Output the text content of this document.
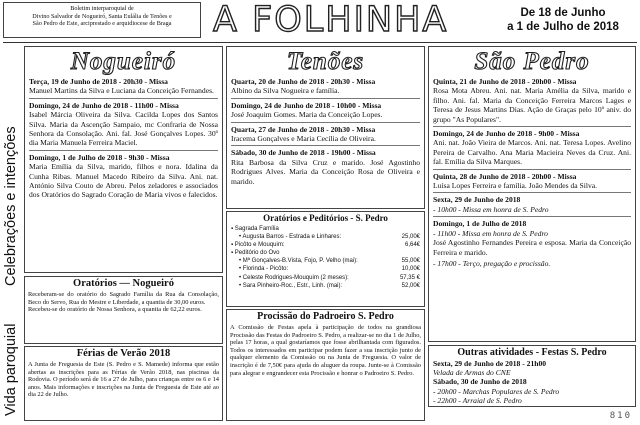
Boletim interparoquial de
Divino Salvador de Nogueiró, Santa Eulália de Tenões e
São Pedro de Este, arciprestado e arquidiocese de Braga	A FOLHINHA	De 18 de Junho
a 1 de Julho de 2018
Celebrações e intenções
Vida paroquial
Nogueiró
Terça, 19 de Junho de 2018 - 20h30 - Missa
Manuel Martins da Silva e Luciana da Conceição Fernandes.
Domingo, 24 de Junho de 2018 - 11h00 - Missa
Isabel Márcia Oliveira da Silva. Cacilda Lopes dos Santos Silva. Maria da Ascenção Sampaio, mc Confraria de Nossa Senhora da Consolação. Ani. fal. José Gonçalves Lopes. 30º dia Maria Manuela Ferreira Maciel.
Domingo, 1 de Julho de 2018 - 9h30 - Missa
Maria Emília da Silva, marido, filhos e nora. Idalina da Cunha Ribas. Manuel Macedo Ribeiro da Silva. Ani. nat. António Silva Couto de Abreu. Pelos zeladores e associados dos Oratórios do Sagrado Coração de Maria vivos e falecidos.
Tenões
Quarta, 20 de Junho de 2018 - 20h30 - Missa
Albino da Silva Nogueira e família.
Domingo, 24 de Junho de 2018 - 10h00 - Missa
José Joaquim Gomes. Maria da Conceição Lopes.
Quarta, 27 de Junho de 2018 - 20h30 - Missa
Iracema Gonçalves e Maria Cecília de Oliveira.
Sábado, 30 de Junho de 2018 - 19h00 - Missa
Rita Barbosa da Silva Cruz e marido. José Agostinho Rodrigues Alves. Maria da Conceição Rosa de Oliveira e marido.
São Pedro
Quinta, 21 de Junho de 2018 - 20h00 - Missa
Rosa Mota Abreu. Ani. nat. Maria Amélia da Silva, marido e filho. Ani. fal. Maria da Conceição Ferreira Marcos Lages e Teresa de Jesus Martins Dias. Ação de Graças pelo 10º aniv. do grupo "As Populares".
Domingo, 24 de Junho de 2018 - 9h00 - Missa
Ani. nat. João Vieira de Marcos. Ani. nat. Teresa Lopes. Avelino Pereira de Carvalho. Ana Maria Macieira Neves da Cruz. Ani. fal. Emília da Silva Marques.
Quinta, 28 de Junho de 2018 - 20h00 - Missa
Luísa Lopes Ferreira e família. João Mendes da Silva.
Sexta, 29 de Junho de 2018
- 10h00 - Missa em honra de S. Pedro
Domingo, 1 de Julho de 2018
- 11h00 - Missa em honra de S. Pedro
José Agostinho Fernandes Pereira e esposa. Maria da Conceição Ferreira e marido.
- 17h00 - Terço, pregação e procissão.
Oratórios e Peditórios - S. Pedro
▪ Sagrada Família
• Augusta Barros - Estrada e Linhares:	25,00€
▪ Picôto e Mouquim:	6,64€
▪ Peditório do Ovo
• Mª Gonçalves-B.Vista, Fojo, P. Velho (mai):	55,00€
• Florinda - Picôto:	10,00€
• Celeste Rodrigues-Mouquim (2 meses):	57,35 €
• Sara Pinheiro-Roc., Estr., Linh. (mai):	52,00€
Procissão do Padroeiro S. Pedro
A Comissão de Festas apela à participação de todos na grandiosa Procissão das Festas do Padroeiro S. Pedro, a realizar-se no dia 1 de Julho, pelas 17 horas, a qual gostaríamos que fosse abrilhantada com figurados. Todos os interessados em participar podem fazer a sua inscrição junto de qualquer elemento da Comissão ou na Junta de Freguesia. O valor de inscrição é de 7,50€ para ajuda do aluguer da roupa. Junte-se à Comissão para alegrar e engrandecer esta Procissão e honrar o Padroeiro S. Pedro.
Oratórios — Nogueiró
Receberam-se do oratório do Sagrado Família da Rua da Consolação, Beco do Servo, Rua do Mestre e Liberdade, a quantia de 30,00 euros.
Recebeu-se do oratório de Nossa Senhora, a quantia de 62,22 euros.
Férias de Verão 2018
A Junta de Freguesia de Este (S. Pedro e S. Mamede) informa que estão abertas as inscrições para as Férias de Verão 2018, nas piscinas da Rodovia. O período será de 16 a 27 de Julho, para crianças entre os 6 e 14 anos. Mais informações e inscrições na Junta de Freguesia de Este até ao dia 22 de Julho.
Outras atividades - Festas S. Pedro
Sexta, 29 de Junho de 2018 - 21h00
Velada de Armas do CNE
Sábado, 30 de Junho de 2018
- 20h00 - Marchas Populares de S. Pedro
- 22h00 - Arraial de S. Pedro
810
